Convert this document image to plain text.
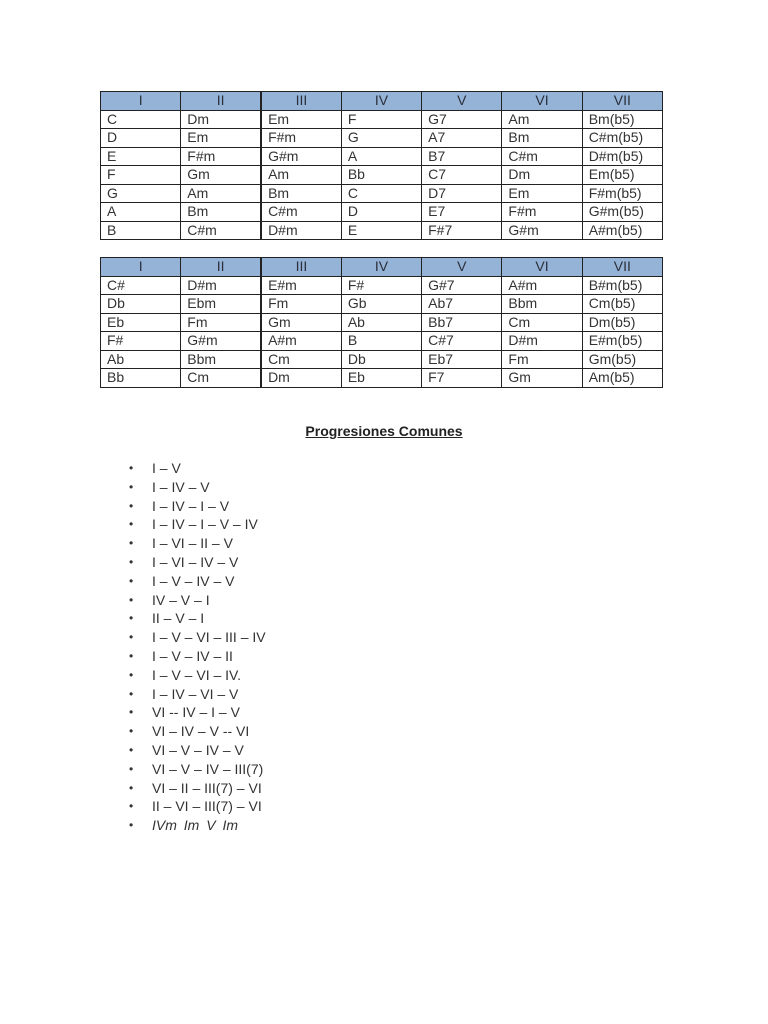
I	II	III	IV	V	VI	VII
C	Dm	Em	F	G7	Am	Bm(b5)
D	Em	F#m	G	A7	Bm	C#m(b5)
E	F#m	G#m	A	B7	C#m	D#m(b5)
F	Gm	Am	Bb	C7	Dm	Em(b5)
G	Am	Bm	C	D7	Em	F#m(b5)
A	Bm	C#m	D	E7	F#m	G#m(b5)
B	C#m	D#m	E	F#7	G#m	A#m(b5)
I	II	III	IV	V	VI	VII
C#	D#m	E#m	F#	G#7	A#m	B#m(b5)
Db	Ebm	Fm	Gb	Ab7	Bbm	Cm(b5)
Eb	Fm	Gm	Ab	Bb7	Cm	Dm(b5)
F#	G#m	A#m	B	C#7	D#m	E#m(b5)
Ab	Bbm	Cm	Db	Eb7	Fm	Gm(b5)
Bb	Cm	Dm	Eb	F7	Gm	Am(b5)
Progresiones Comunes
• I – V
• I – IV – V
• I – IV – I – V
• I – IV – I – V – IV
• I – VI – II – V
• I – VI – IV – V
• I – V – IV – V
• IV – V – I
• II – V – I
• I – V – VI – III – IV
• I – V – IV – II
• I – V – VI – IV.
• I – IV – VI – V
• VI -- IV – I – V
• VI – IV – V -- VI
• VI – V – IV – V
• VI – V – IV – III(7)
• VI – II – III(7) – VI
• II – VI – III(7) – VI
• IVm Im V Im
